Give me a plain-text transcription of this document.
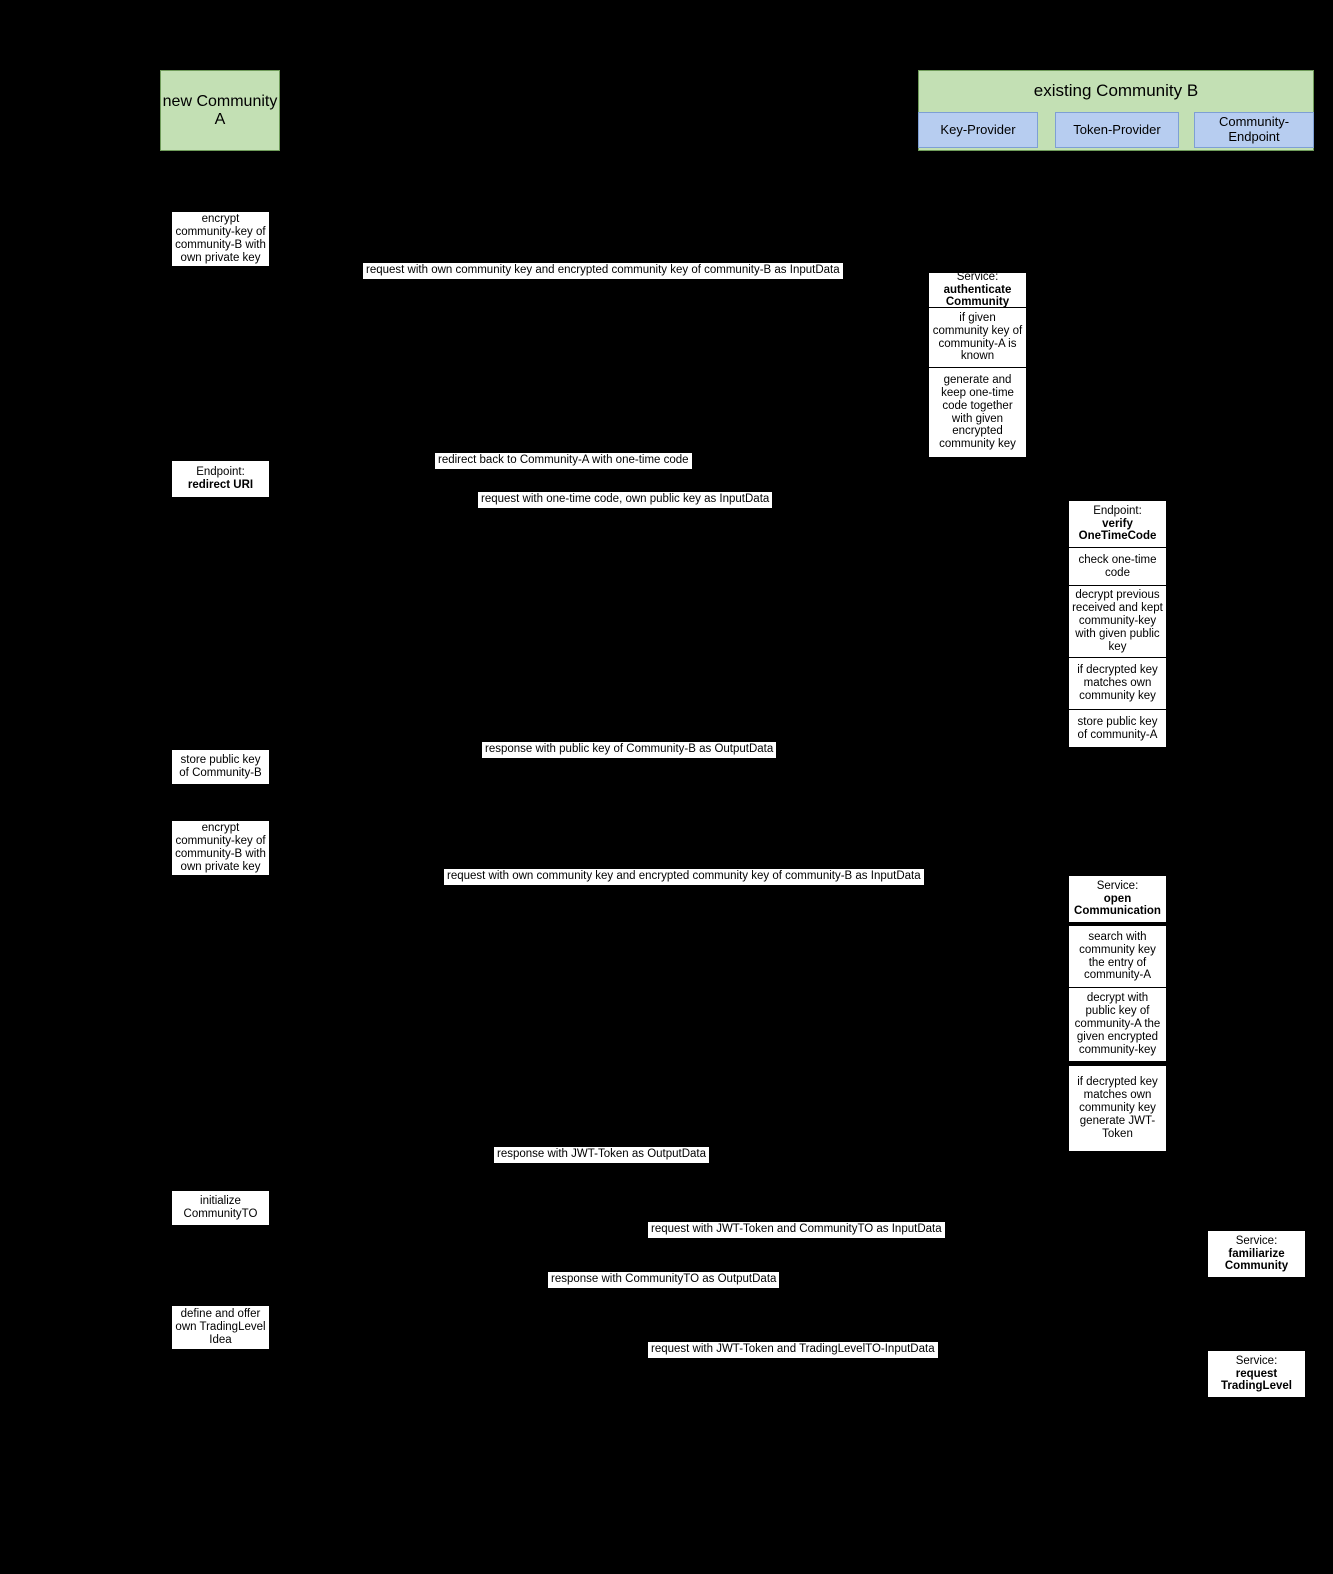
new Community A
existing Community B
Key-Provider	Token-Provider	Community-Endpoint
encrypt community-key of community-B with own private key
Endpoint:
redirect URI
store public key of Community-B
encrypt community-key of community-B with own private key
initialize CommunityTO
define and offer own TradingLevel Idea
Service:
authenticate
Community
if given community key of community-A is known
generate and keep one-time code together with given encrypted community key
Endpoint:
verify
OneTimeCode
check one-time code
decrypt previous received and kept community-key with given public key
if decrypted key matches own community key
store public key of community-A
Service:
open
Communication
search with community key the entry of community-A
decrypt with public key of community-A the given encrypted community-key
if decrypted key matches own community key generate JWT-Token
Service:
familiarize
Community
Service:
request
TradingLevel
request with own community key and encrypted community key of community-B as InputData
redirect back to Community-A with one-time code
request with one-time code, own public key as InputData
response with public key of Community-B as OutputData
request with own community key and encrypted community key of community-B as InputData
response with JWT-Token as OutputData
request with JWT-Token and CommunityTO as InputData
response with CommunityTO as OutputData
request with JWT-Token and TradingLevelTO-InputData
